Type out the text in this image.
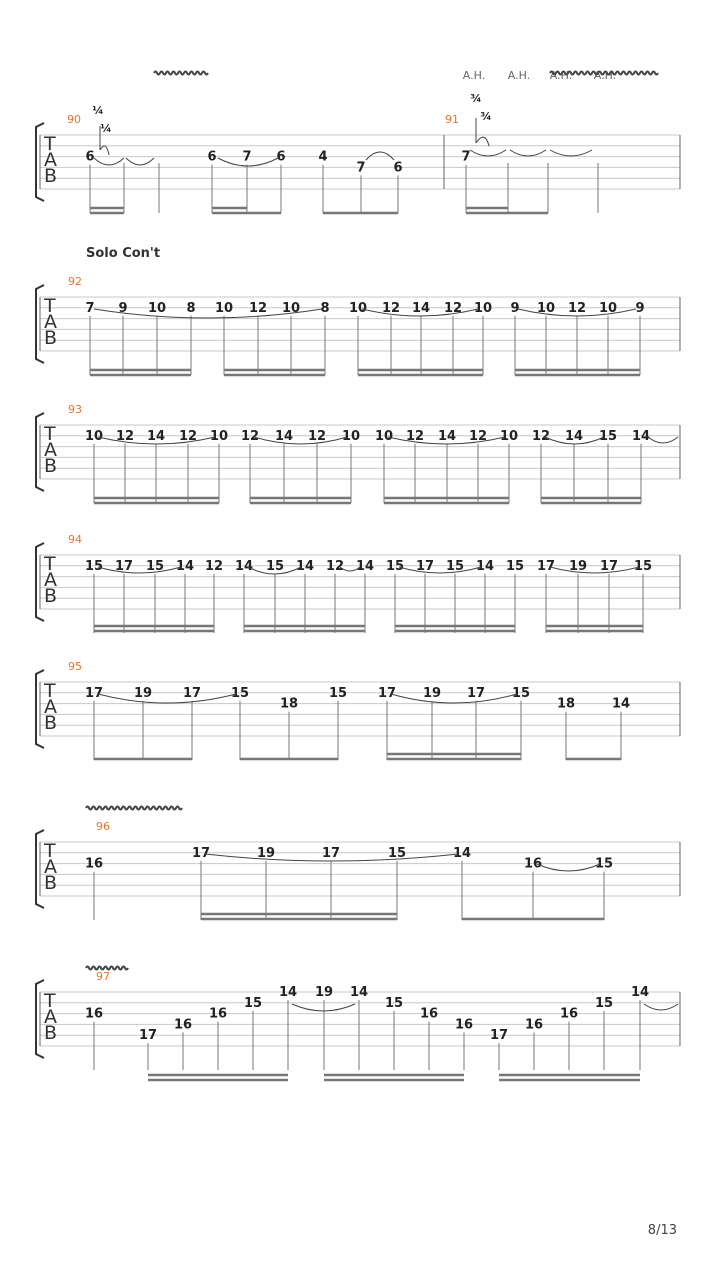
T
A
B
90	91
6	6 7 6	4
7 6
7
T
A
B
92
7 9 10 8 10 12 10 8 10 12 14 12 10 9 10 12 10 9
T
A
B
93
10 12 14 12 10 12 14 12 10 10 12 14 12 10 12 14 15 14
T
A
B
94
15 17 15 14 12 14 15 14 12 14 15 17 15 14 15 17 19 17 15
T
A
B
95
17 19 17 15
18
15 17 19 17 15
18	14
T
A
B
96
16
17	19	17	15	14
16	15
T
A
B
97
16
17
16
16
15
14 19 14
15
16
16
17
16
16
15
14
¼
¼
¾
¾
A.H. A.H. A.H. A.H.
Solo Con't
8/13
